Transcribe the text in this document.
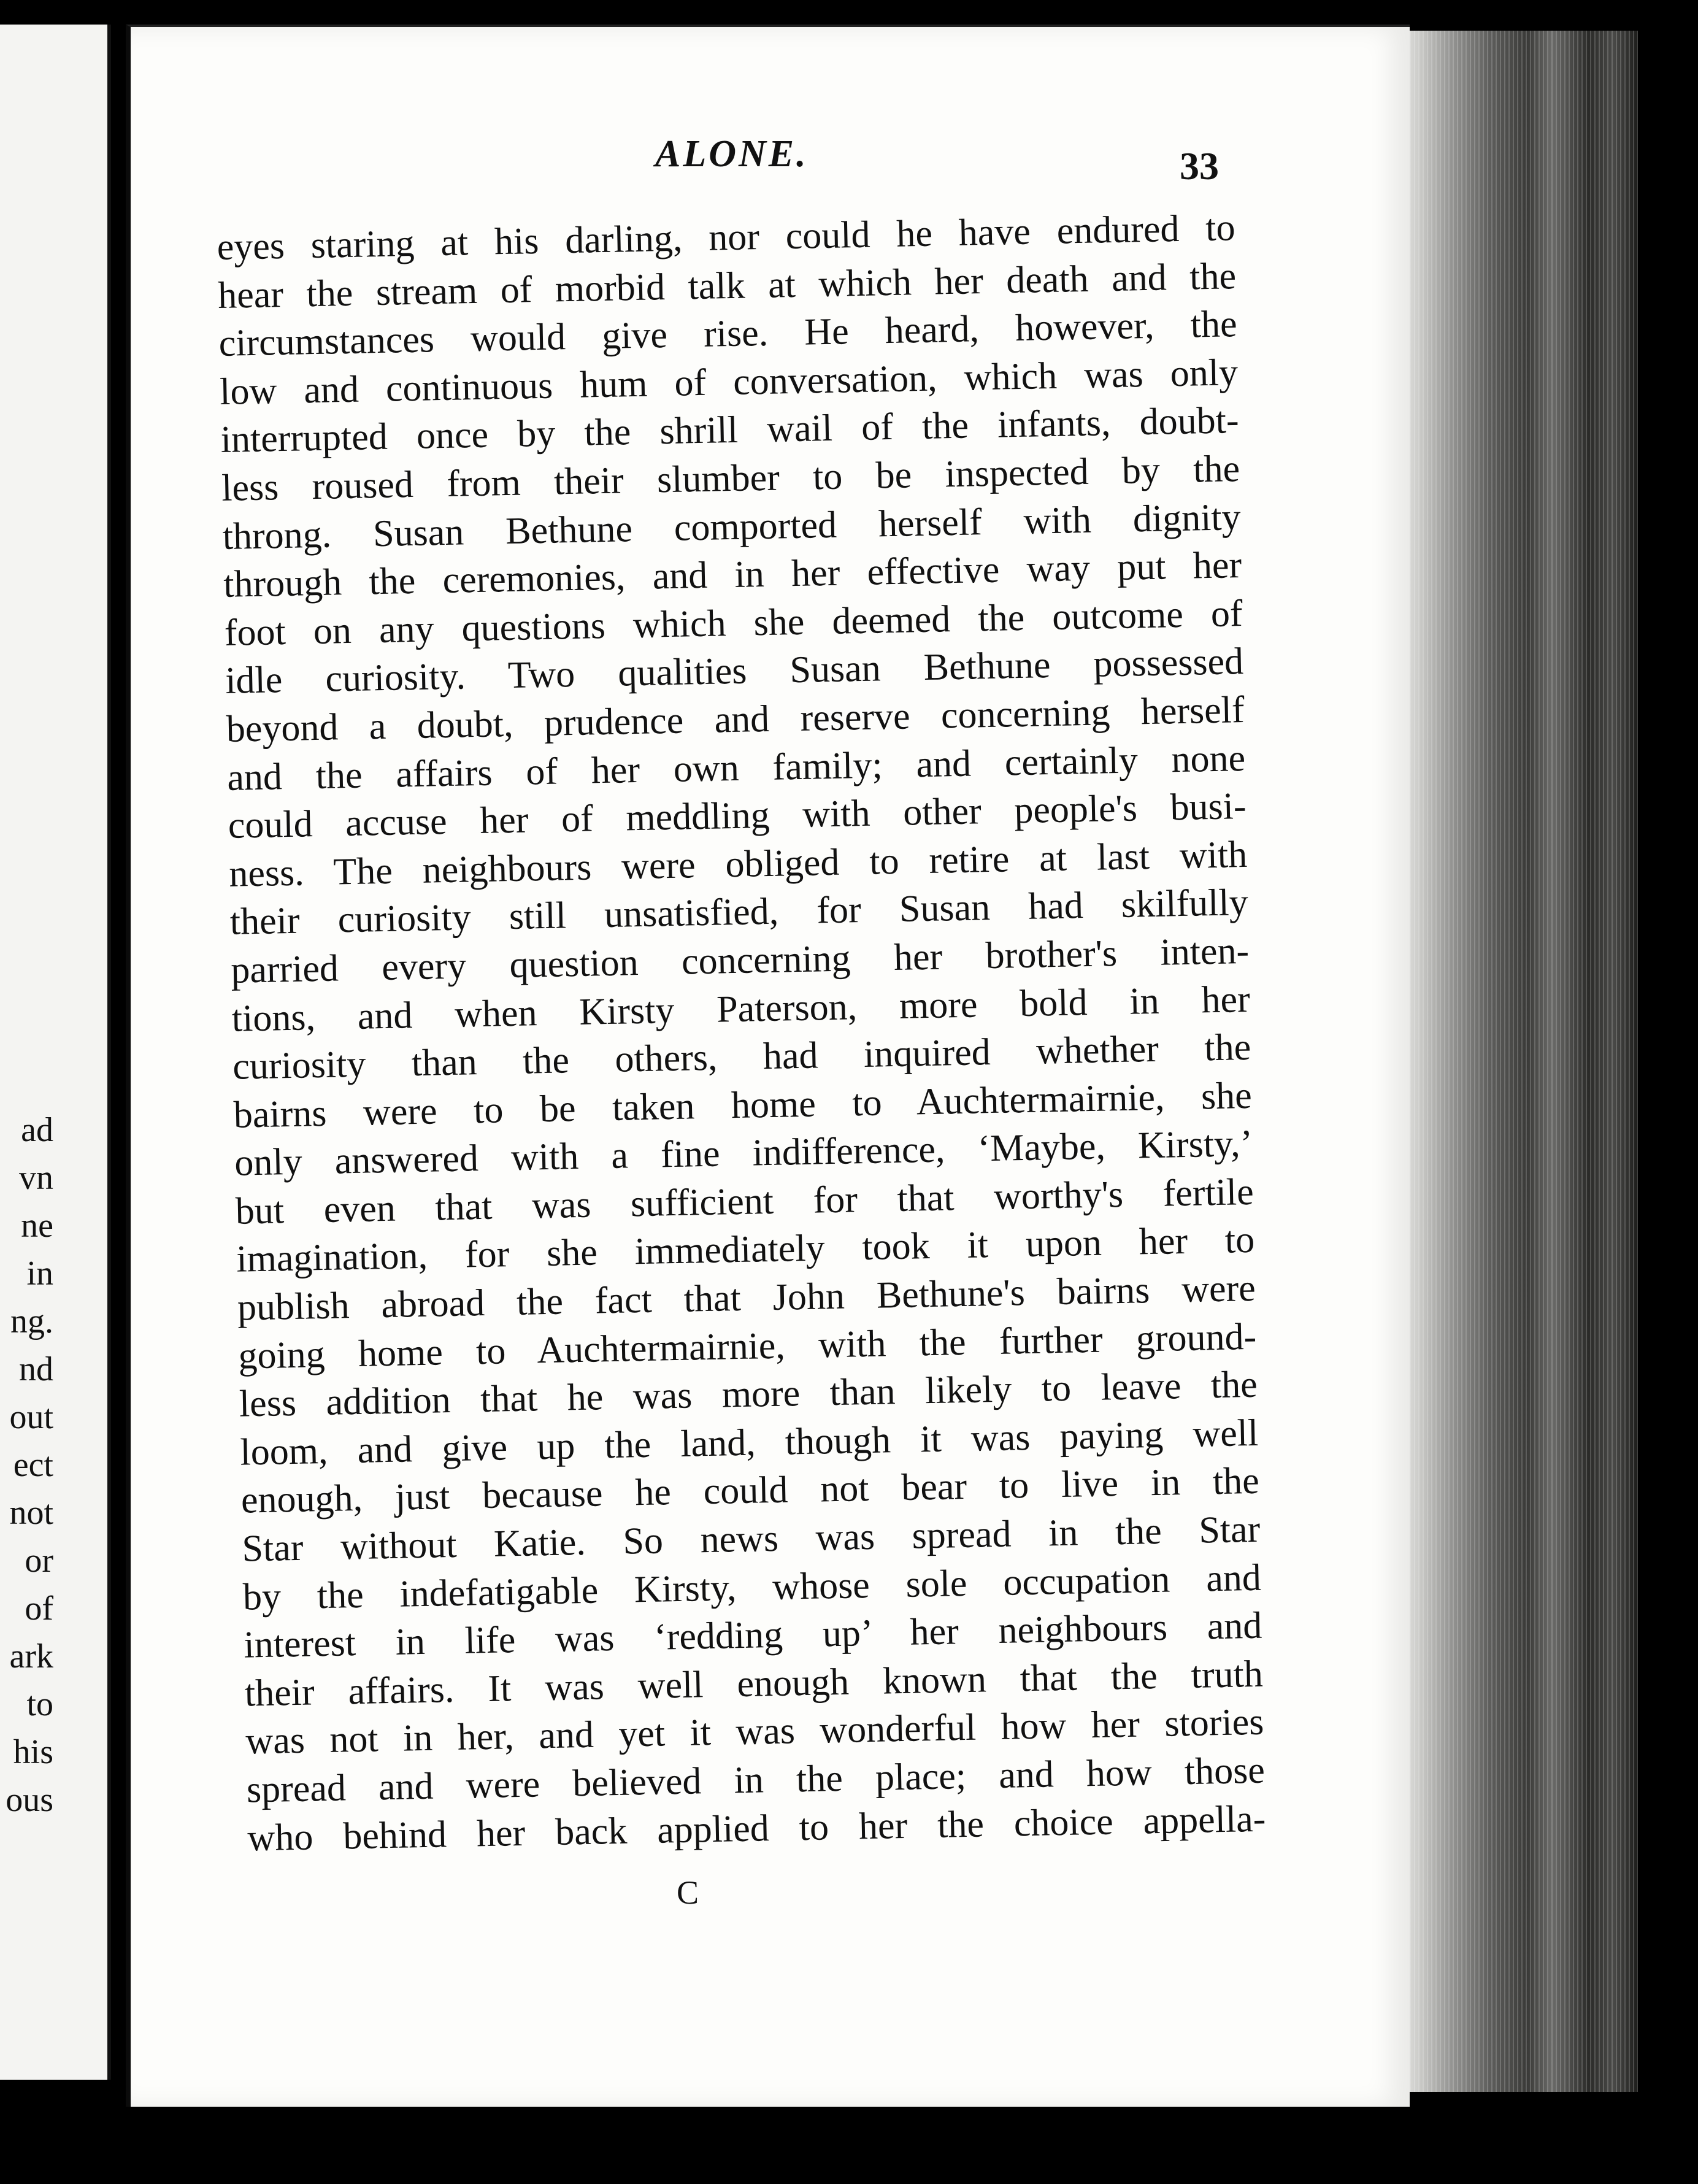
ad
vn
ne
in
ng.
nd
out
ect
not
or
of
ark
to
his
ous
ALONE.	33
eyes staring at his darling, nor could he have endured to
hear the stream of morbid talk at which her death and the
circumstances would give rise. He heard, however, the
low and continuous hum of conversation, which was only
interrupted once by the shrill wail of the infants, doubt-
less roused from their slumber to be inspected by the
throng. Susan Bethune comported herself with dignity
through the ceremonies, and in her effective way put her
foot on any questions which she deemed the outcome of
idle curiosity. Two qualities Susan Bethune possessed
beyond a doubt, prudence and reserve concerning herself
and the affairs of her own family; and certainly none
could accuse her of meddling with other people's busi-
ness. The neighbours were obliged to retire at last with
their curiosity still unsatisfied, for Susan had skilfully
parried every question concerning her brother's inten-
tions, and when Kirsty Paterson, more bold in her
curiosity than the others, had inquired whether the
bairns were to be taken home to Auchtermairnie, she
only answered with a fine indifference, ‘Maybe, Kirsty,’
but even that was sufficient for that worthy's fertile
imagination, for she immediately took it upon her to
publish abroad the fact that John Bethune's bairns were
going home to Auchtermairnie, with the further ground-
less addition that he was more than likely to leave the
loom, and give up the land, though it was paying well
enough, just because he could not bear to live in the
Star without Katie. So news was spread in the Star
by the indefatigable Kirsty, whose sole occupation and
interest in life was ‘redding up’ her neighbours and
their affairs. It was well enough known that the truth
was not in her, and yet it was wonderful how her stories
spread and were believed in the place; and how those
who behind her back applied to her the choice appella-
C
